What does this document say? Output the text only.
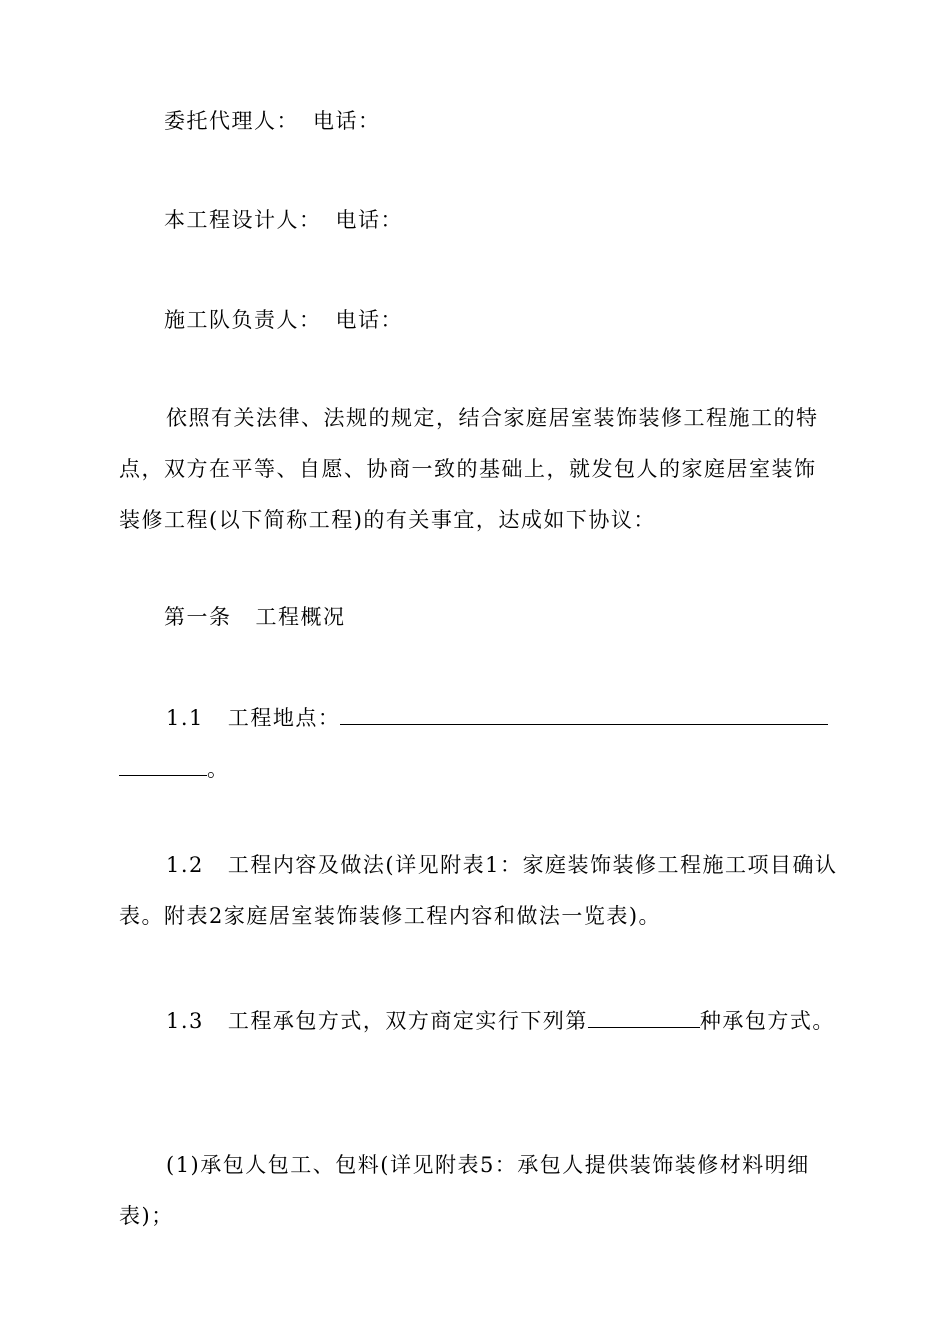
委托代理人： 电话：
本工程设计人： 电话：
施工队负责人： 电话：
依照有关法律、法规的规定，结合家庭居室装饰装修工程施工的特
点，双方在平等、自愿、协商一致的基础上，就发包人的家庭居室装饰
装修工程(以下简称工程)的有关事宜，达成如下协议：
第一条 工程概况
1.1 工程地点：
。
1.2 工程内容及做法(详见附表1：家庭装饰装修工程施工项目确认
表。附表2家庭居室装饰装修工程内容和做法一览表)。
1.3 工程承包方式，双方商定实行下列第	种承包方式。
(1)承包人包工、包料(详见附表5：承包人提供装饰装修材料明细
表)；
